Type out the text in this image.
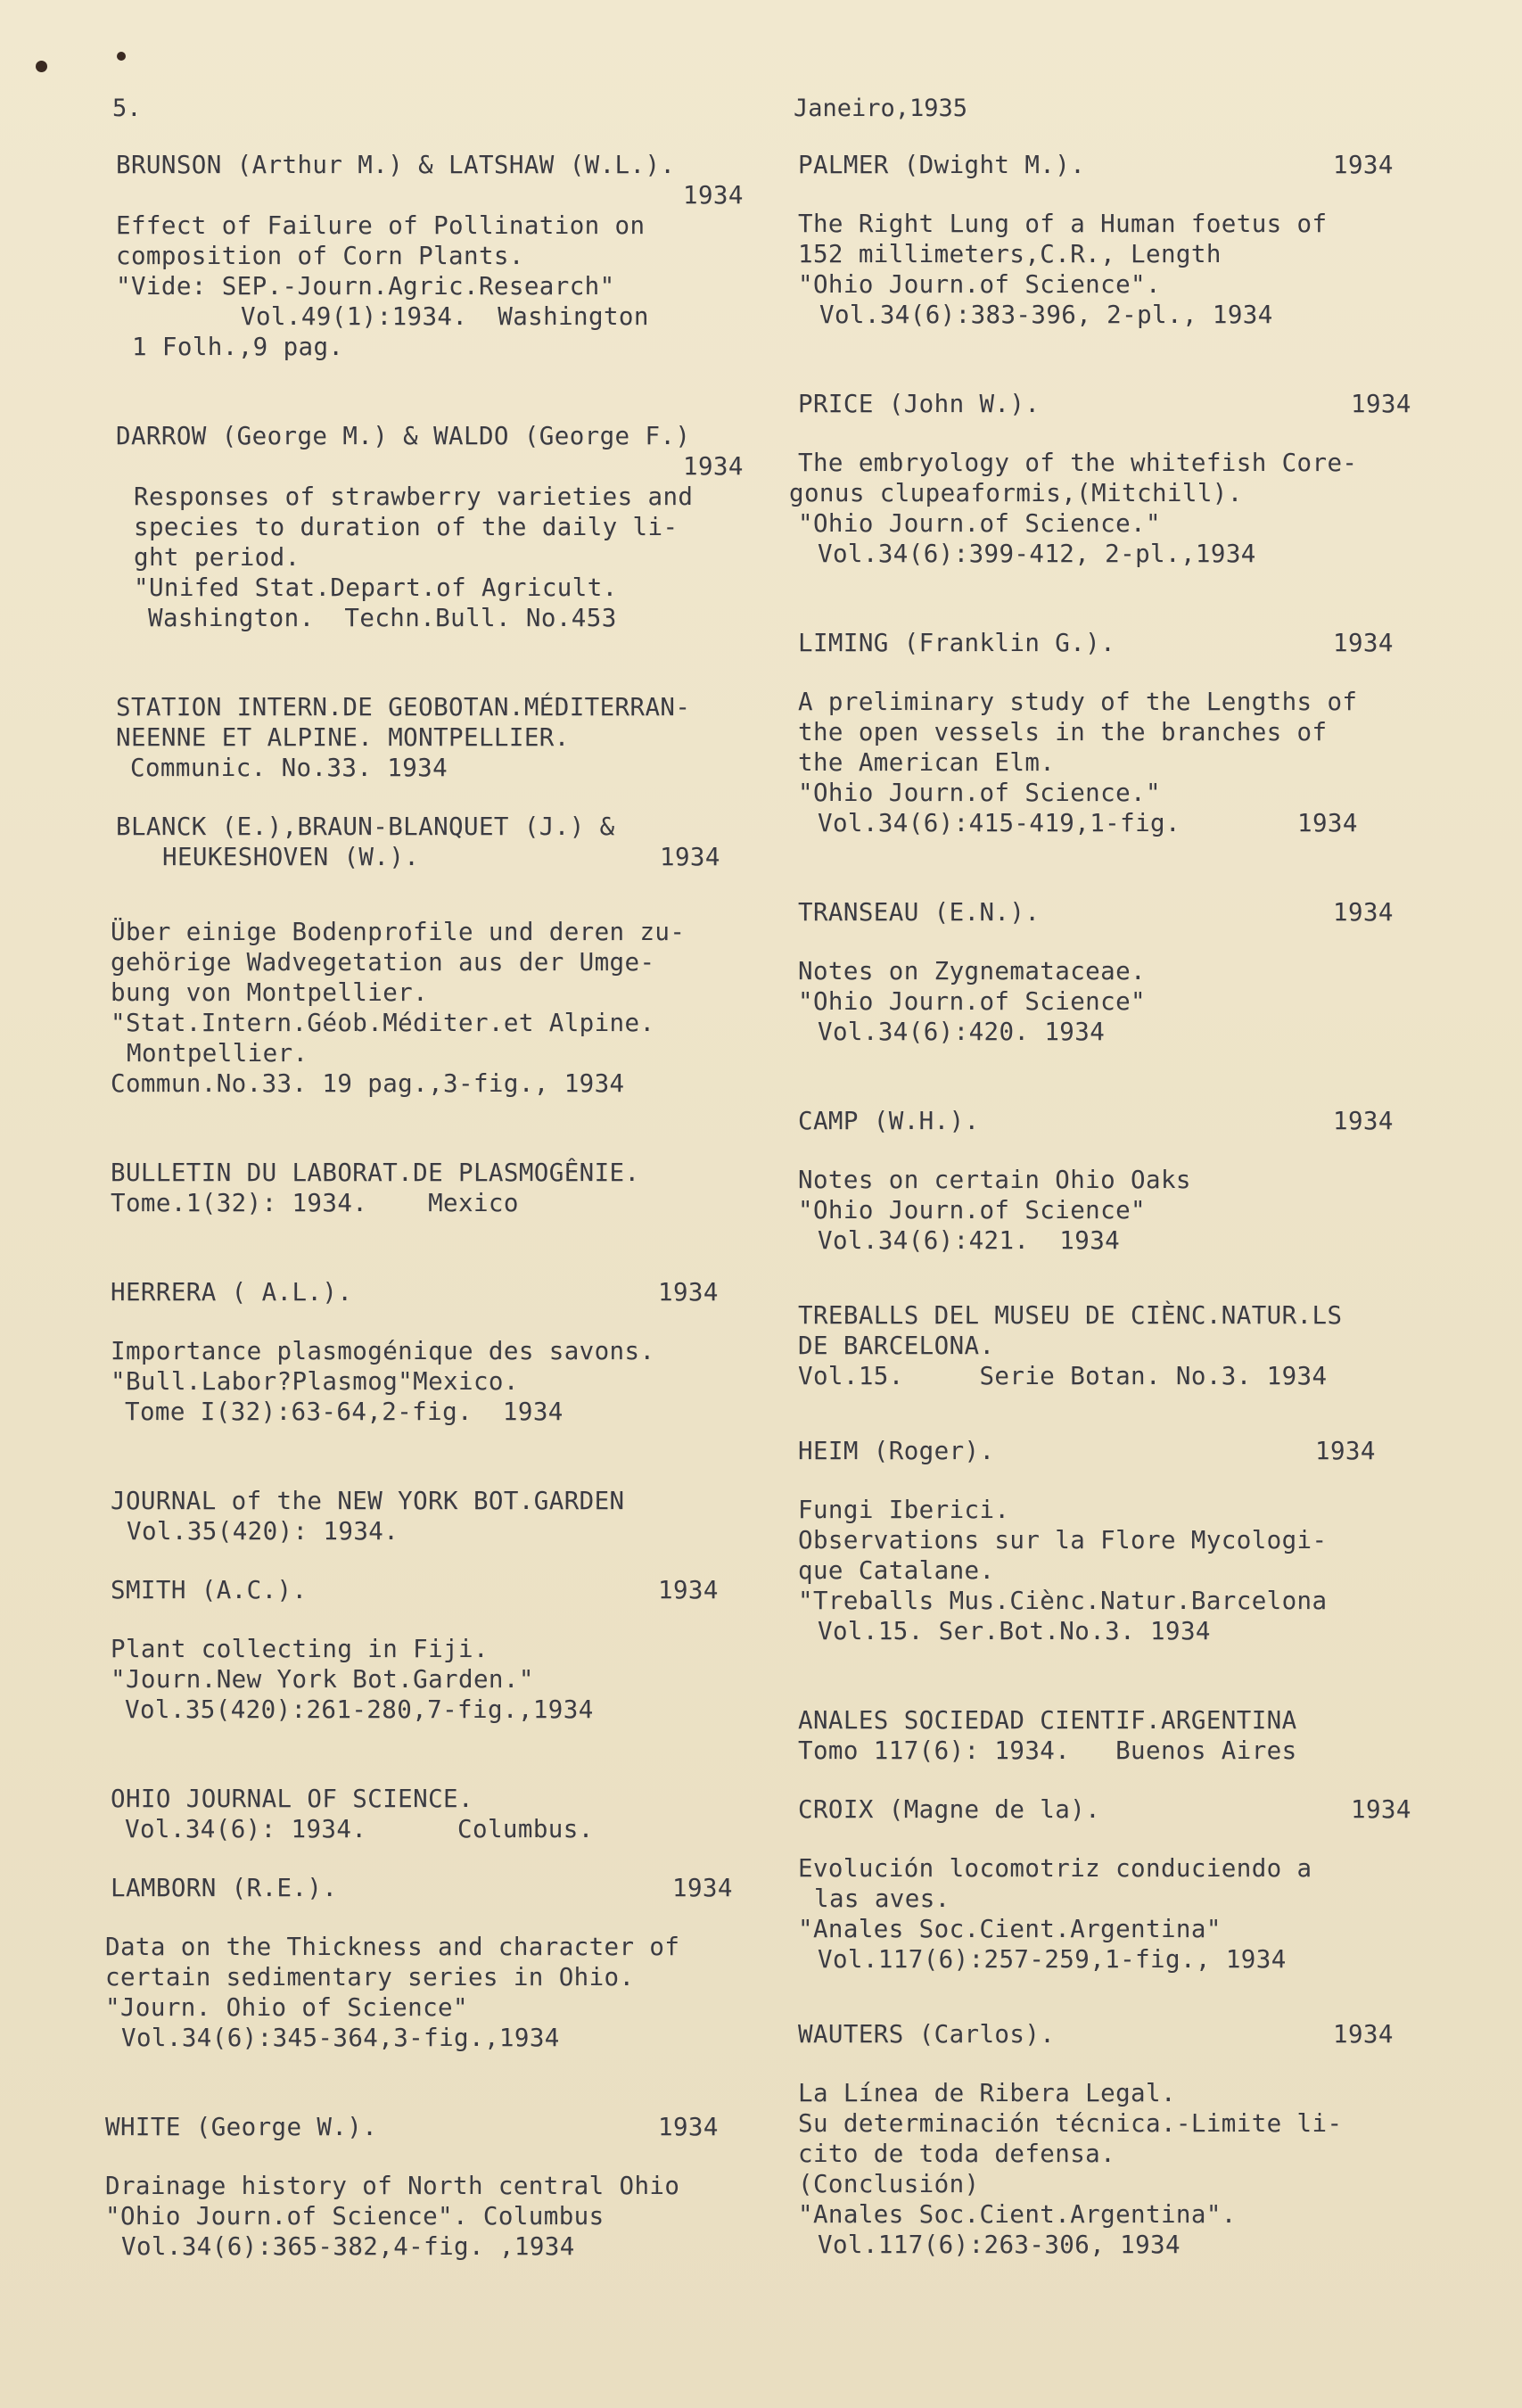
5.	Janeiro,1935
BRUNSON (Arthur M.) & LATSHAW (W.L.).
1934
Effect of Failure of Pollination on
composition of Corn Plants.
"Vide: SEP.-Journ.Agric.Research"
Vol.49(1):1934.  Washington
1 Folh.,9 pag.
DARROW (George M.) & WALDO (George F.)
1934
Responses of strawberry varieties and
species to duration of the daily li-
ght period.
"Unifed Stat.Depart.of Agricult.
Washington.  Techn.Bull. No.453
STATION INTERN.DE GEOBOTAN.MÉDITERRAN-
NEENNE ET ALPINE. MONTPELLIER.
Communic. No.33. 1934
BLANCK (E.),BRAUN-BLANQUET (J.) &
HEUKESHOVEN (W.).	1934
Über einige Bodenprofile und deren zu-
gehörige Wadvegetation aus der Umge-
bung von Montpellier.
"Stat.Intern.Géob.Méditer.et Alpine.
Montpellier.
Commun.No.33. 19 pag.,3-fig., 1934
BULLETIN DU LABORAT.DE PLASMOGÊNIE.
Tome.1(32): 1934.    Mexico
HERRERA ( A.L.).	1934
Importance plasmogénique des savons.
"Bull.Labor?Plasmog"Mexico.
Tome I(32):63-64,2-fig.  1934
JOURNAL of the NEW YORK BOT.GARDEN
Vol.35(420): 1934.
SMITH (A.C.).	1934
Plant collecting in Fiji.
"Journ.New York Bot.Garden."
Vol.35(420):261-280,7-fig.,1934
OHIO JOURNAL OF SCIENCE.
Vol.34(6): 1934.      Columbus.
LAMBORN (R.E.).	1934
Data on the Thickness and character of
certain sedimentary series in Ohio.
"Journ. Ohio of Science"
Vol.34(6):345-364,3-fig.,1934
WHITE (George W.).	1934
Drainage history of North central Ohio
"Ohio Journ.of Science". Columbus
Vol.34(6):365-382,4-fig. ,1934
PALMER (Dwight M.).	1934
The Right Lung of a Human foetus of
152 millimeters,C.R., Length
"Ohio Journ.of Science".
Vol.34(6):383-396, 2-pl., 1934
PRICE (John W.).	1934
The embryology of the whitefish Core-
gonus clupeaformis,(Mitchill).
"Ohio Journ.of Science."
Vol.34(6):399-412, 2-pl.,1934
LIMING (Franklin G.).	1934
A preliminary study of the Lengths of
the open vessels in the branches of
the American Elm.
"Ohio Journ.of Science."
Vol.34(6):415-419,1-fig.	1934
TRANSEAU (E.N.).	1934
Notes on Zygnemataceae.
"Ohio Journ.of Science"
Vol.34(6):420. 1934
CAMP (W.H.).	1934
Notes on certain Ohio Oaks
"Ohio Journ.of Science"
Vol.34(6):421.  1934
TREBALLS DEL MUSEU DE CIÈNC.NATUR.LS
DE BARCELONA.
Vol.15.     Serie Botan. No.3. 1934
HEIM (Roger).	1934
Fungi Iberici.
Observations sur la Flore Mycologi-
que Catalane.
"Treballs Mus.Ciènc.Natur.Barcelona
Vol.15. Ser.Bot.No.3. 1934
ANALES SOCIEDAD CIENTIF.ARGENTINA
Tomo 117(6): 1934.   Buenos Aires
CROIX (Magne de la).	1934
Evolución locomotriz conduciendo a
las aves.
"Anales Soc.Cient.Argentina"
Vol.117(6):257-259,1-fig., 1934
WAUTERS (Carlos).	1934
La Línea de Ribera Legal.
Su determinación técnica.-Limite li-
cito de toda defensa.
(Conclusión)
"Anales Soc.Cient.Argentina".
Vol.117(6):263-306, 1934
